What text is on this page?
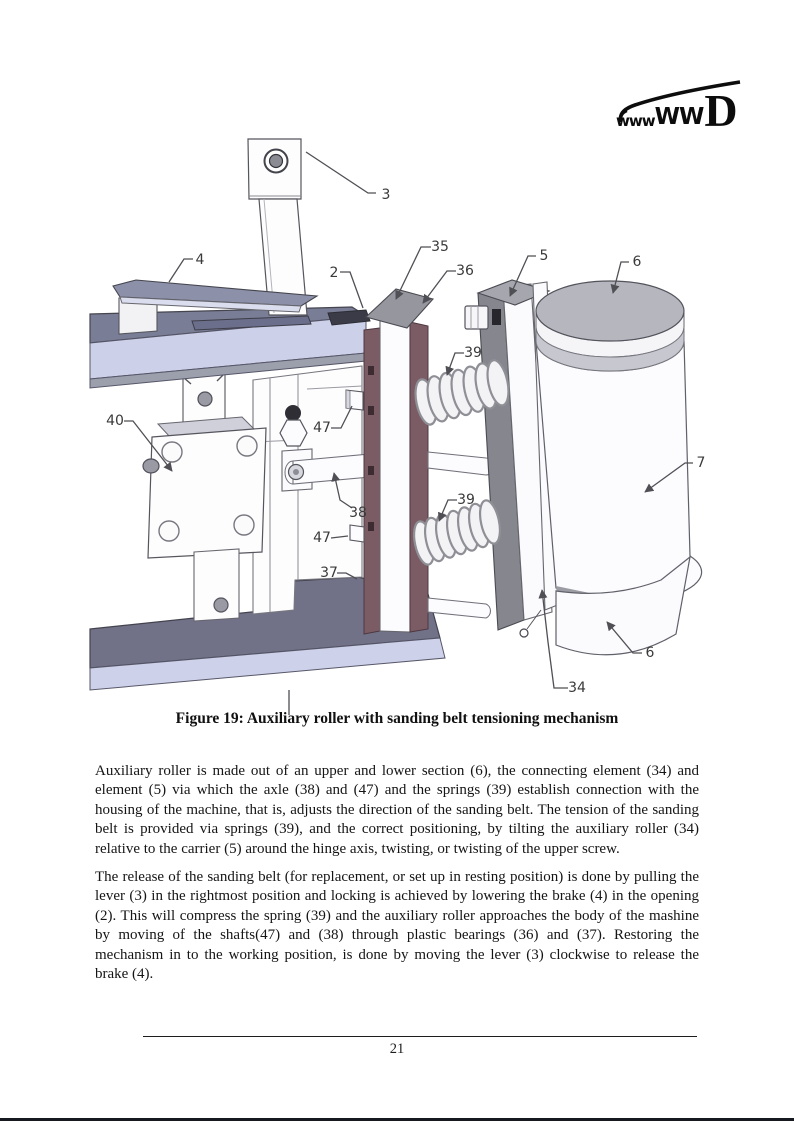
www WW D
3
4
2
35
36
5	6
39
40	47
7
39
38
47
37
6
34
Figure 19: Auxiliary roller with sanding belt tensioning mechanism

Auxiliary roller is made out of an upper and lower section (6), the connecting element (34) and element (5) via which the axle (38) and (47) and the springs (39) establish connection with the housing of the machine, that is, adjusts the direction of the sanding belt. The tension of the sanding belt is provided via springs (39), and the correct positioning, by tilting the auxiliary roller (34) relative to the carrier (5) around the hinge axis, twisting, or twisting of the upper screw.

The release of the sanding belt (for replacement, or set up in resting position) is done by pulling the lever (3) in the rightmost position and locking is achieved by lowering the brake (4) in the opening (2). This will compress the spring (39) and the auxiliary roller approaches the body of the mashine by moving of the shafts(47) and (38) through plastic bearings (36) and (37). Restoring the mechanism in to the working position, is done by moving the lever (3) clockwise to release the brake (4).

21
